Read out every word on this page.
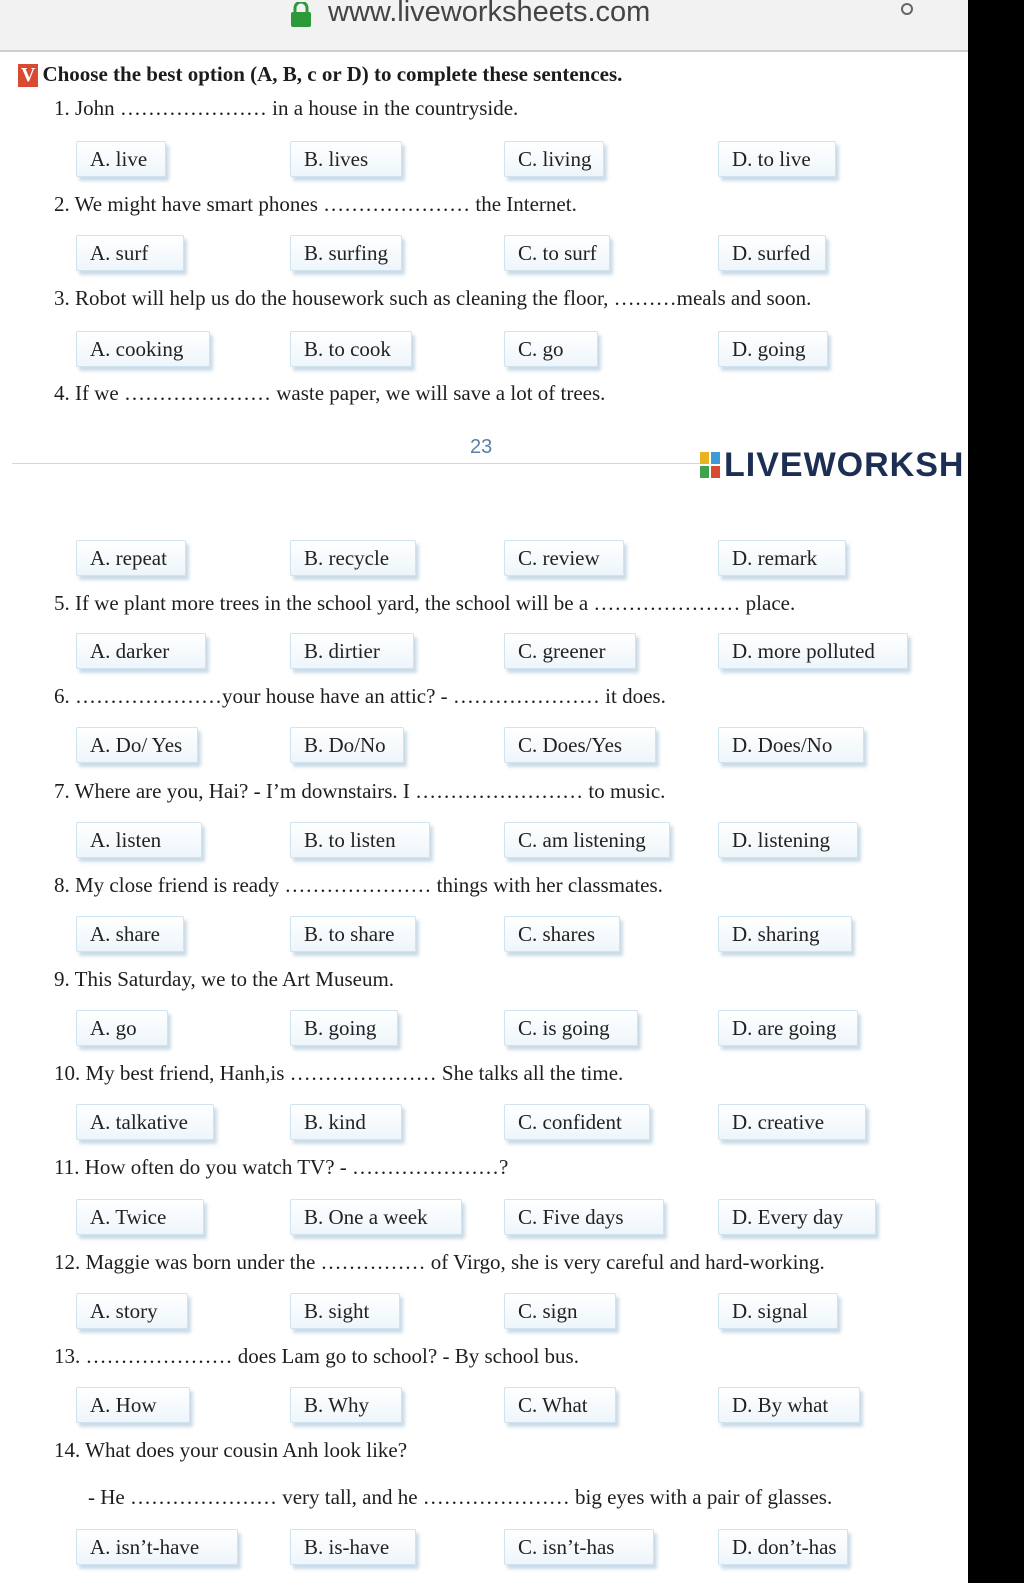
www.liveworksheets.com
V Choose the best option (A, B, c or D) to complete these sentences.
1. John ………………… in a house in the countryside.
A. live	B. lives	C. living	D. to live
2. We might have smart phones ………………… the Internet.
A. surf	B. surfing	C. to surf	D. surfed
3. Robot will help us do the housework such as cleaning the floor, ………meals and soon.
A. cooking	B. to cook	C. go	D. going
4. If we ………………… waste paper, we will save a lot of trees.
A. repeat	B. recycle	C. review	D. remark
5. If we plant more trees in the school yard, the school will be a ………………… place.
A. darker	B. dirtier	C. greener	D. more polluted
6. …………………your house have an attic? - ………………… it does.
A. Do/ Yes	B. Do/No	C. Does/Yes	D. Does/No
7. Where are you, Hai? - I’m downstairs. I …………………… to music.
A. listen	B. to listen	C. am listening	D. listening
8. My close friend is ready ………………… things with her classmates.
A. share	B. to share	C. shares	D. sharing
9. This Saturday, we to the Art Museum.
A. go	B. going	C. is going	D. are going
10. My best friend, Hanh,is ………………… She talks all the time.
A. talkative	B. kind	C. confident	D. creative
11. How often do you watch TV? - …………………?
A. Twice	B. One a week	C. Five days	D. Every day
12. Maggie was born under the …………… of Virgo, she is very careful and hard-working.
A. story	B. sight	C. sign	D. signal
13. ………………… does Lam go to school? - By school bus.
A. How	B. Why	C. What	D. By what
14. What does your cousin Anh look like?
- He ………………… very tall, and he ………………… big eyes with a pair of glasses.
A. isn’t-have	B. is-have	C. isn’t-has	D. don’t-has
23	LIVEWORKSH
